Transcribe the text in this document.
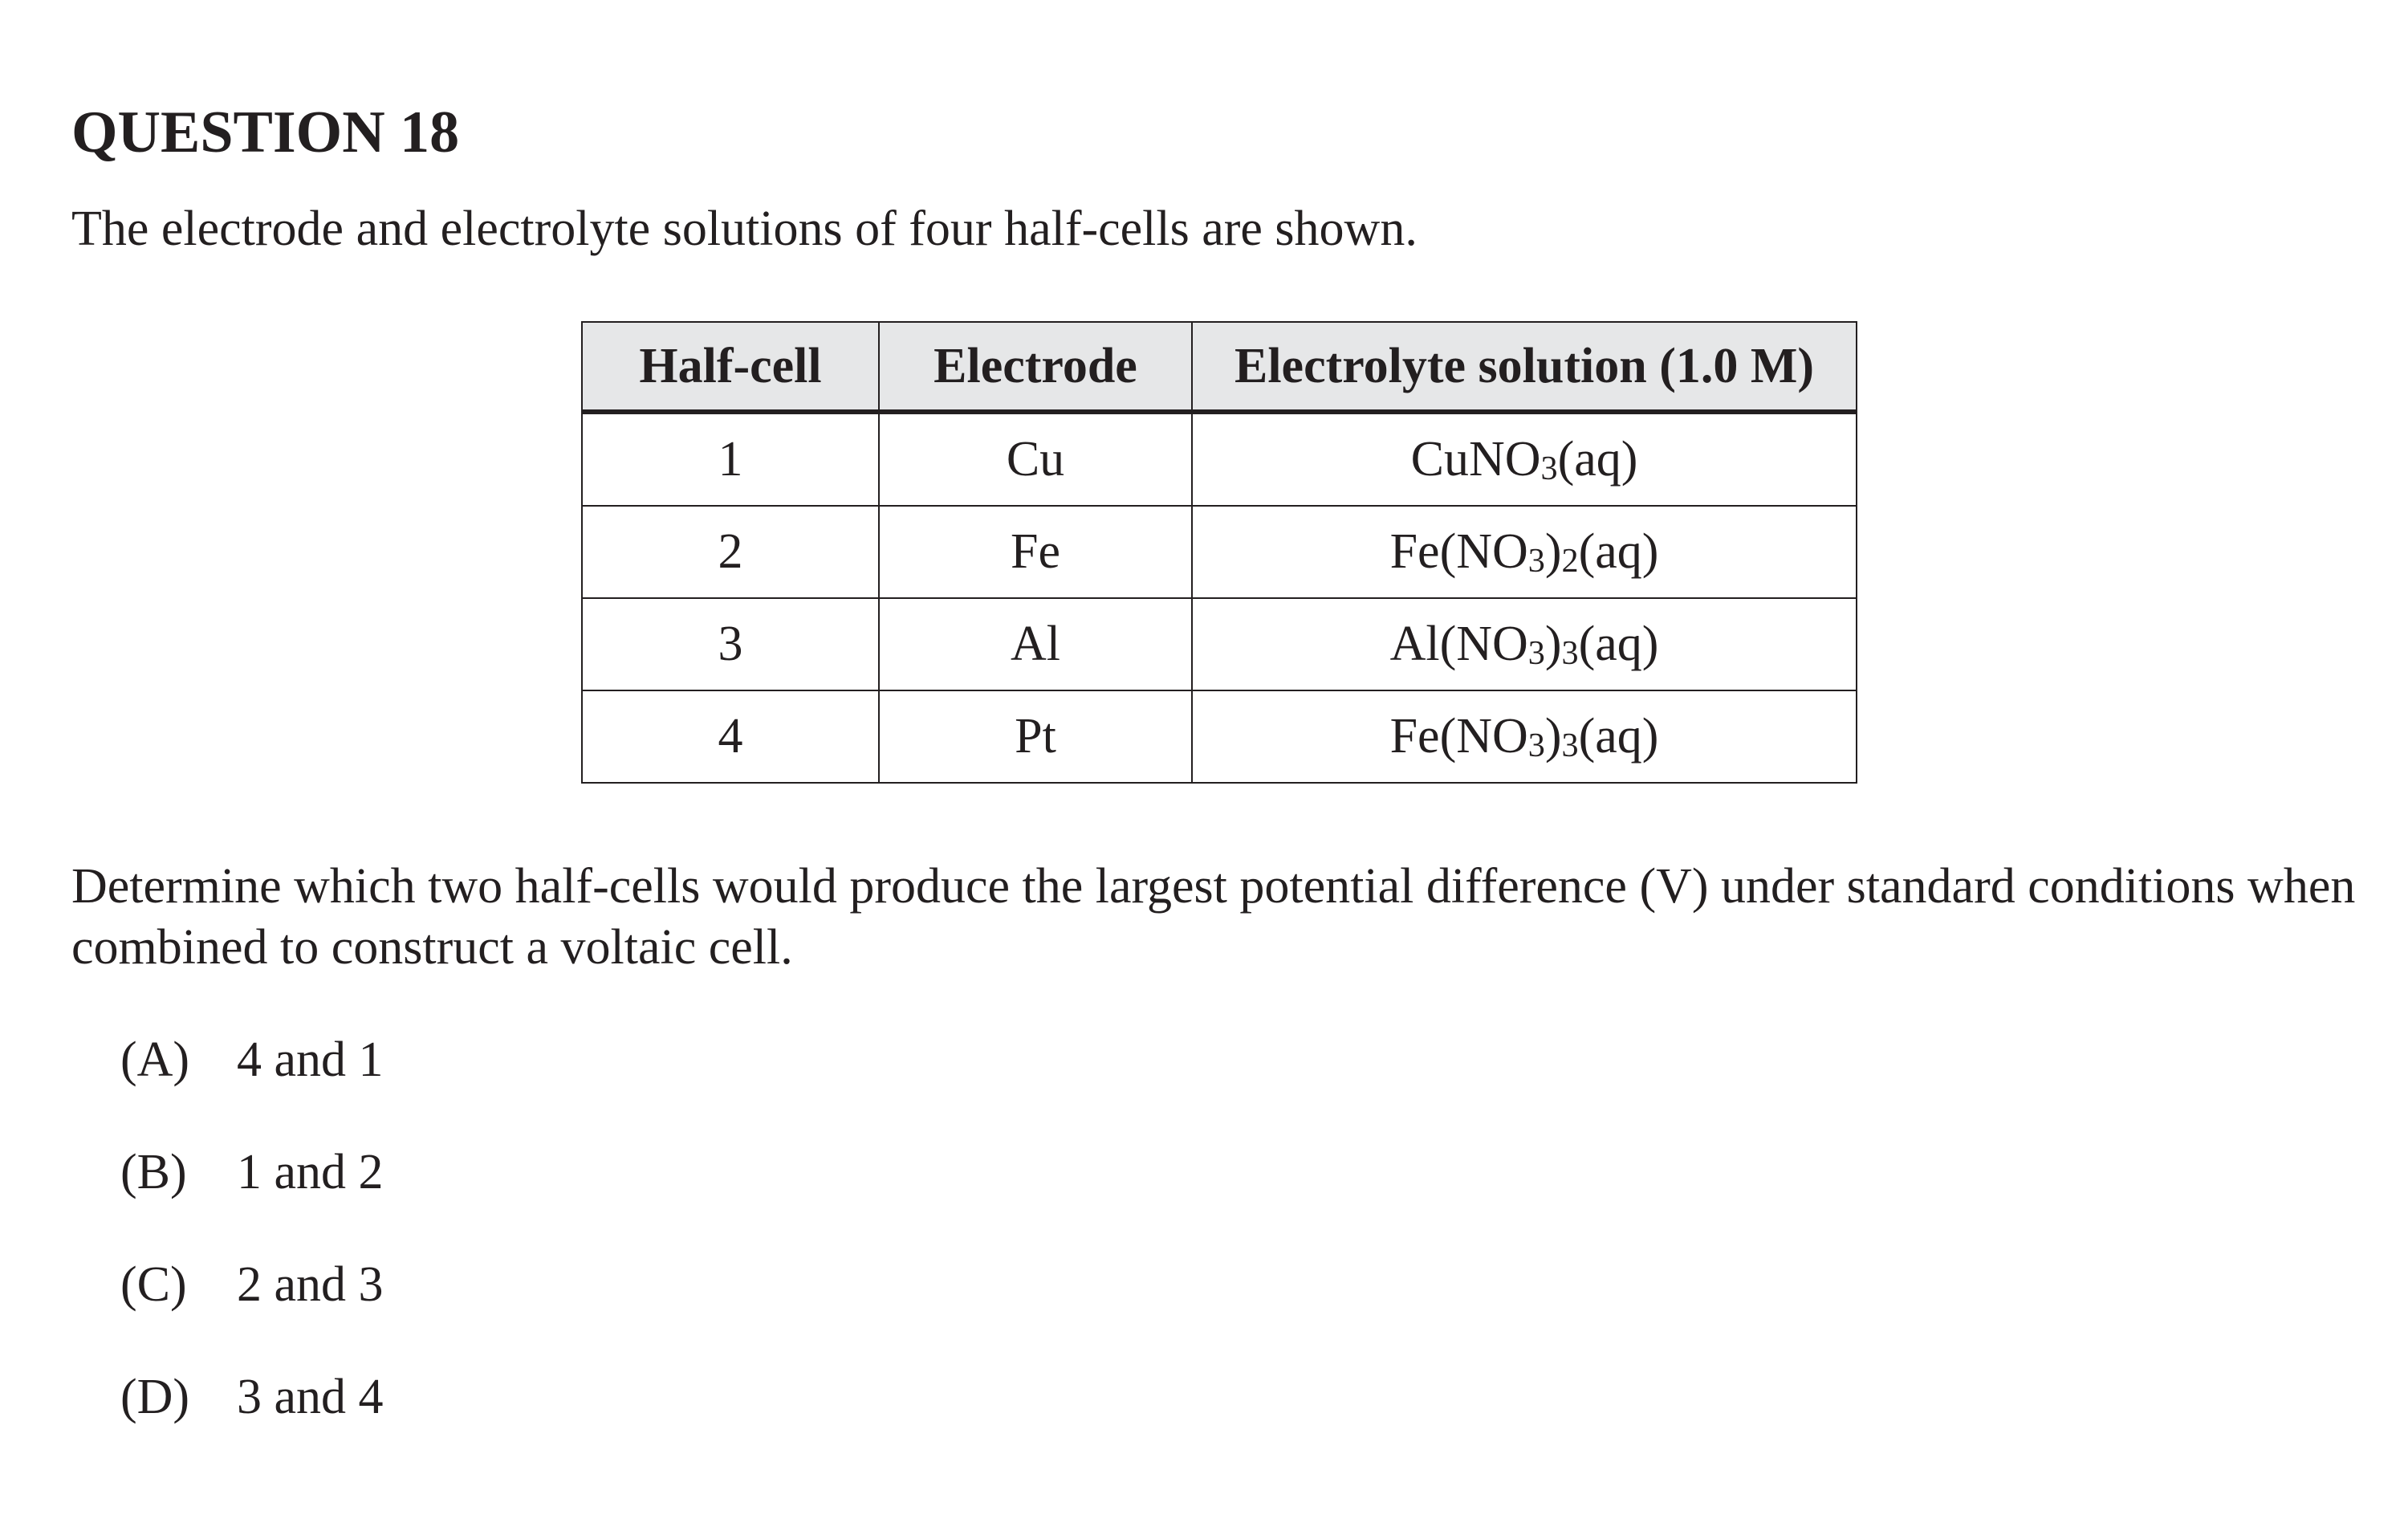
QUESTION 18

The electrode and electrolyte solutions of four half-cells are shown.

Half-cell	Electrode	Electrolyte solution (1.0 M)
1	Cu	CuNO$_3$(aq)
2	Fe	$Fe(NO_3)_2(aq)$
3	Al	$Al(NO_3)_3(aq)$
4	Pt	$Fe(NO_3)_3(aq)$

Determine which two half-cells would produce the largest potential difference (V) under standard conditions when combined to construct a voltaic cell.

(A) 4 and 1
(B) 1 and 2
(C) 2 and 3
(D) 3 and 4
